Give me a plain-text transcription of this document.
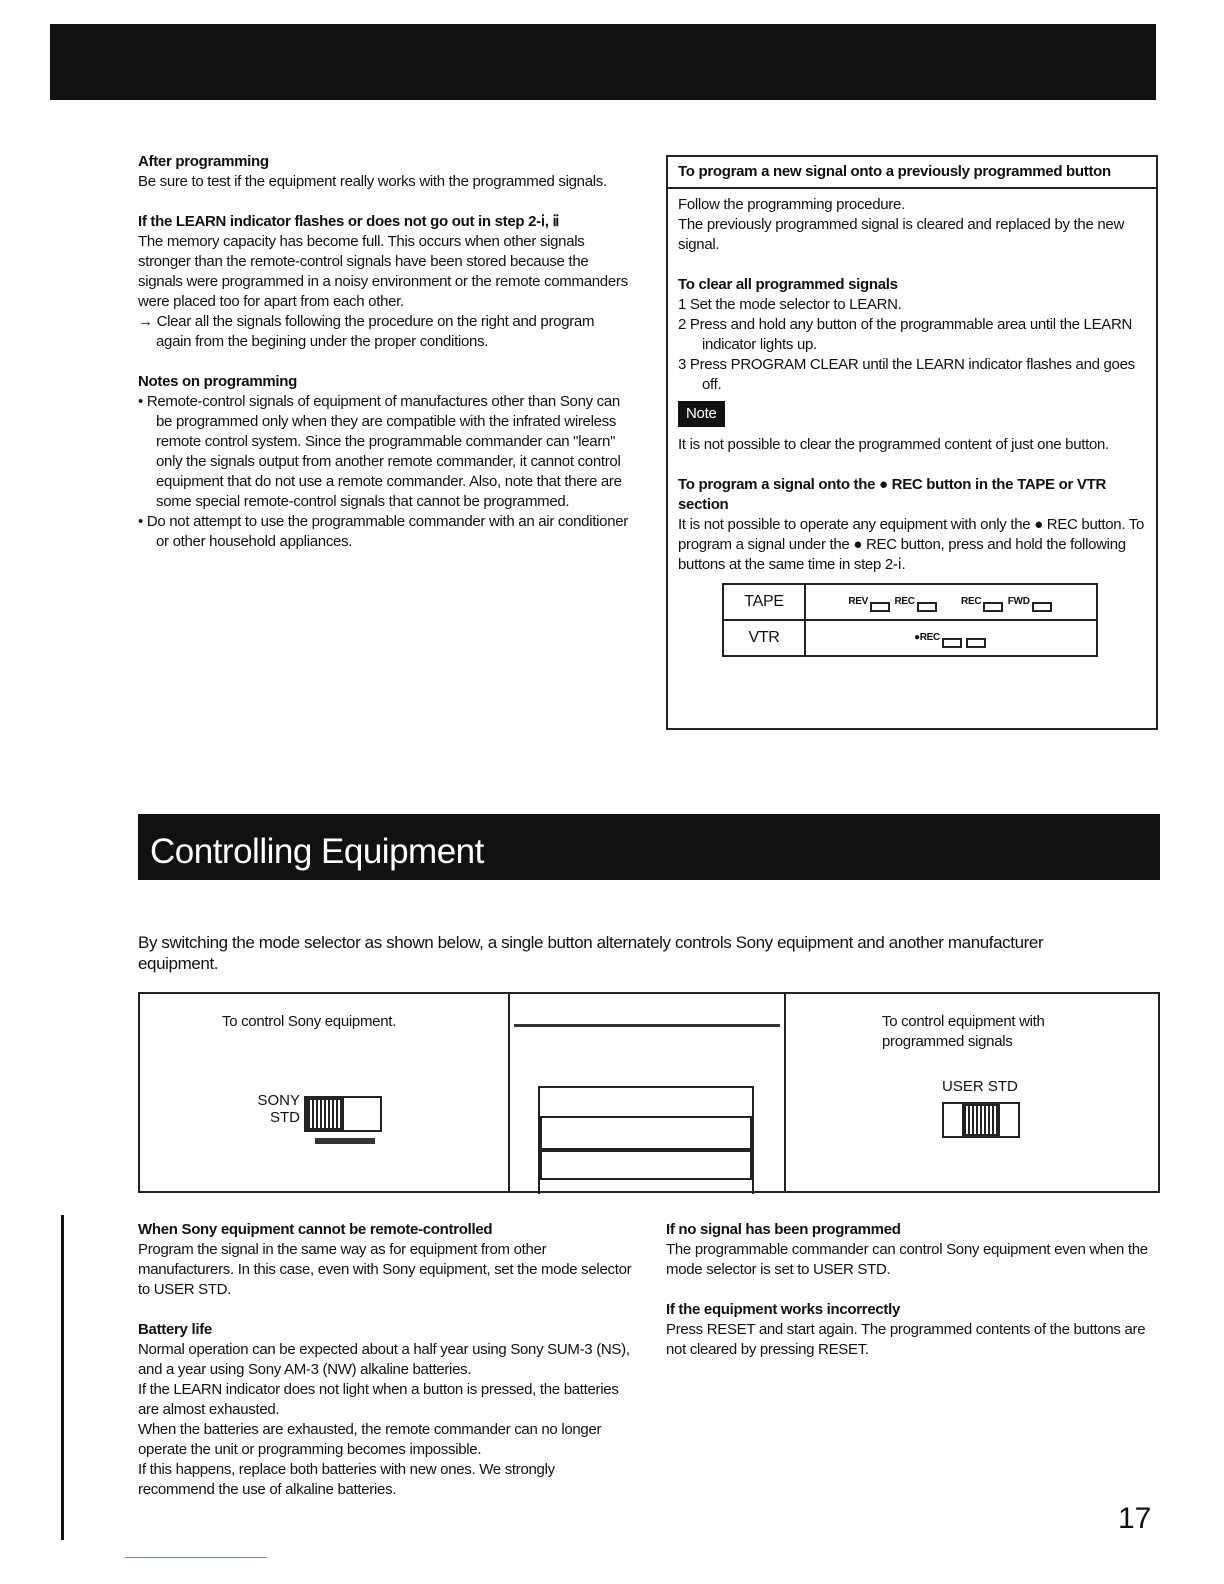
After programming

Be sure to test if the equipment really works with the programmed signals.

If the LEARN indicator flashes or does not go out in step 2-ⅰ, ⅱ

The memory capacity has become full. This occurs when other signals stronger than the remote-control signals have been stored because the signals were programmed in a noisy environment or the remote commanders were placed too for apart from each other.

→ Clear all the signals following the procedure on the right and program again from the begining under the proper conditions.

Notes on programming

• Remote-control signals of equipment of manufactures other than Sony can be programmed only when they are compatible with the infrated wireless remote control system. Since the programmable commander can "learn" only the signals output from another remote commander, it cannot control equipment that do not use a remote commander. Also, note that there are some special remote-control signals that cannot be programmed.

• Do not attempt to use the programmable commander with an air conditioner or other household appliances.

To program a new signal onto a previously programmed button

Follow the programming procedure.

The previously programmed signal is cleared and replaced by the new signal.

To clear all programmed signals

1 Set the mode selector to LEARN.

2 Press and hold any button of the programmable area until the LEARN indicator lights up.

3 Press PROGRAM CLEAR until the LEARN indicator flashes and goes off.

Note

It is not possible to clear the programmed content of just one button.

To program a signal onto the ● REC button in the TAPE or VTR section

It is not possible to operate any equipment with only the ● REC button. To program a signal under the ● REC button, press and hold the following buttons at the same time in step 2-ⅰ.

TAPE	REV REC REC FWD
VTR	●REC
Controlling Equipment
By switching the mode selector as shown below, a single button alternately controls Sony equipment and another manufacturer equipment.
To control Sony equipment.
SONY STD
To control equipment with programmed signals
USER STD

When Sony equipment cannot be remote-controlled

Program the signal in the same way as for equipment from other manufacturers. In this case, even with Sony equipment, set the mode selector to USER STD.

Battery life

Normal operation can be expected about a half year using Sony SUM-3 (NS), and a year using Sony AM-3 (NW) alkaline batteries.

If the LEARN indicator does not light when a button is pressed, the batteries are almost exhausted.

When the batteries are exhausted, the remote commander can no longer operate the unit or programming becomes impossible.

If this happens, replace both batteries with new ones. We strongly recommend the use of alkaline batteries.

If no signal has been programmed

The programmable commander can control Sony equipment even when the mode selector is set to USER STD.

If the equipment works incorrectly

Press RESET and start again. The programmed contents of the buttons are not cleared by pressing RESET.

17
